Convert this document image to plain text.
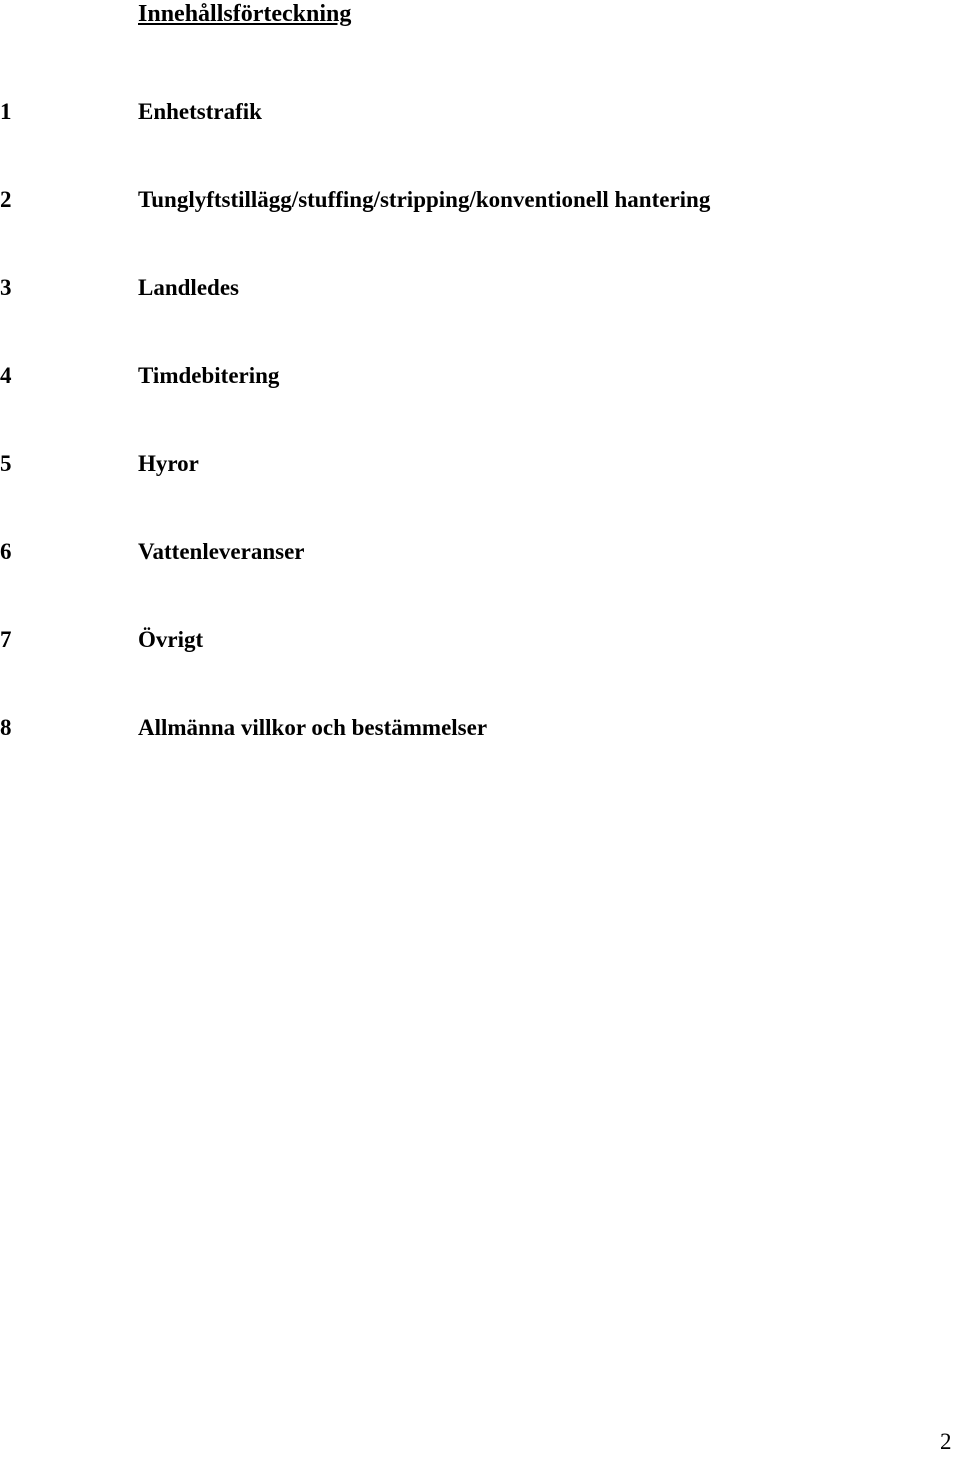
Innehållsförteckning
1	Enhetstrafik
2	Tunglyftstillägg/stuffing/stripping/konventionell hantering
3	Landledes
4	Timdebitering
5	Hyror
6	Vattenleveranser
7	Övrigt
8	Allmänna villkor och bestämmelser
2
